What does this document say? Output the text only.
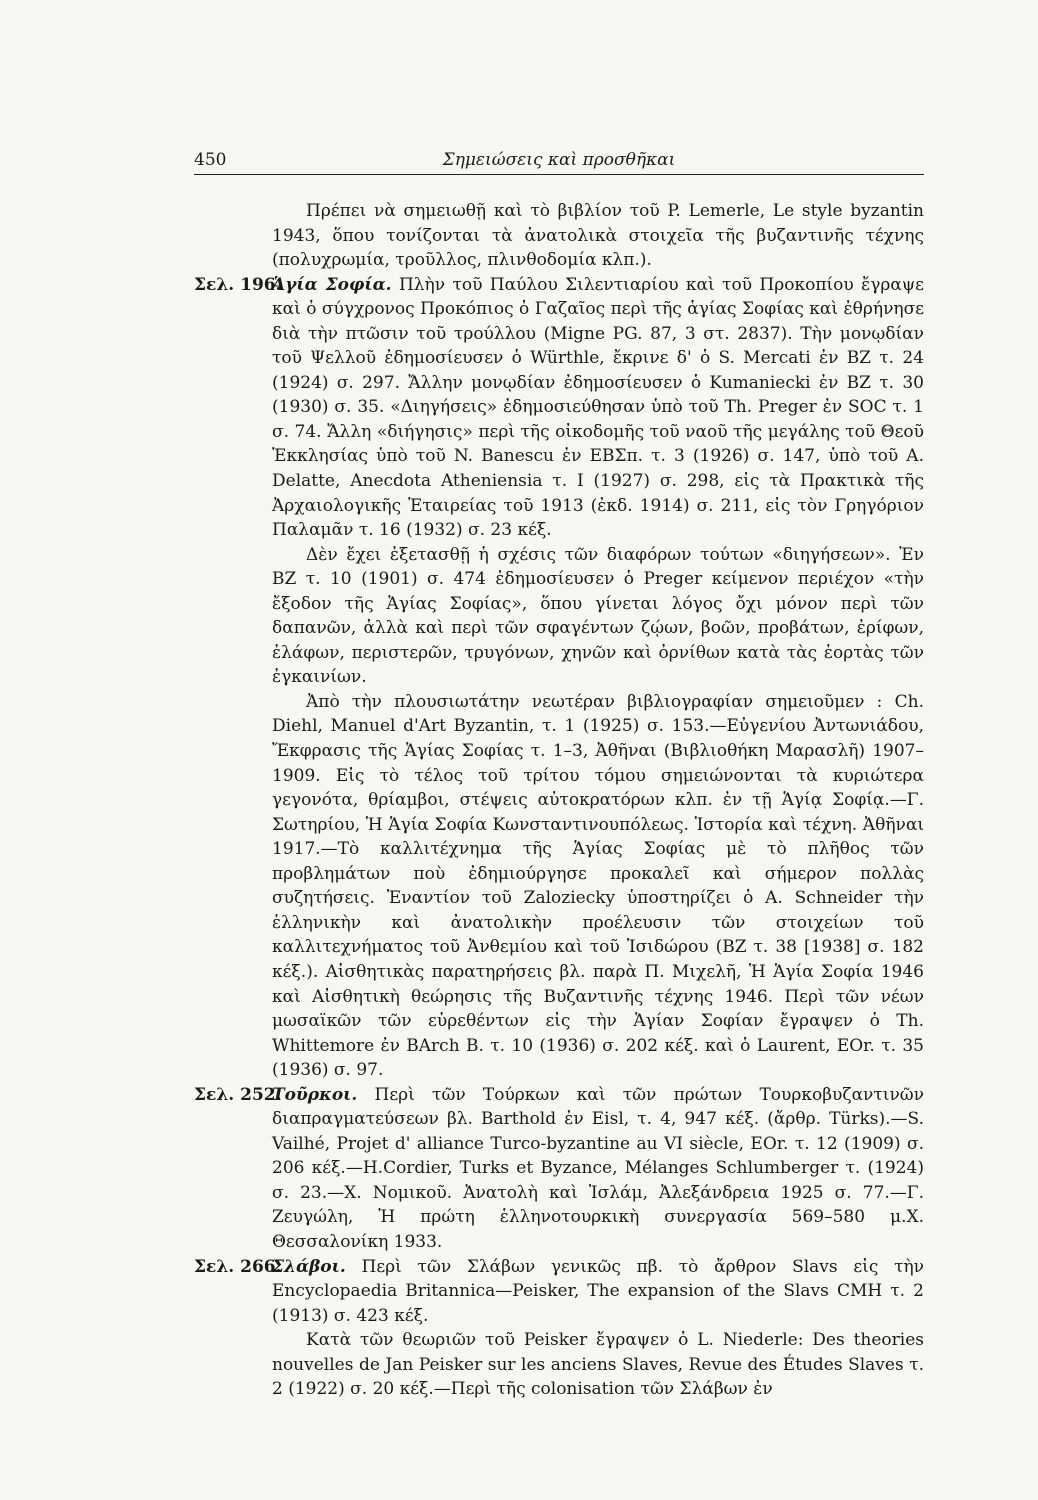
450	Σημειώσεις καὶ προσθῆκαι

Πρέπει νὰ σημειωθῇ καὶ τὸ βιβλίον τοῦ P. Lemerle, Le style byzantin 1943, ὅπου τονίζονται τὰ ἀνατολικὰ στοιχεῖα τῆς βυζαντινῆς τέχνης (πολυχρωμία, τροῦλλος, πλινθοδομία κλπ.).

Σελ. 196.
Ἁγία Σοφία. Πλὴν τοῦ Παύλου Σιλεντιαρίου καὶ τοῦ Προκοπίου ἔγραψε καὶ ὁ σύγχρονος Προκόπιος ὁ Γαζαῖος περὶ τῆς ἁγίας Σοφίας καὶ ἐθρήνησε διὰ τὴν πτῶσιν τοῦ τρούλλου (Migne PG. 87, 3 στ. 2837). Τὴν μονῳδίαν τοῦ Ψελλοῦ ἐδημοσίευσεν ὁ Würthle, ἔκρινε δ' ὁ S. Mercati ἐν BZ τ. 24 (1924) σ. 297. Ἄλλην μονῳδίαν ἐδημοσίευσεν ὁ Kumaniecki ἐν BZ τ. 30 (1930) σ. 35. «Διηγήσεις» ἐδημοσιεύθησαν ὑπὸ τοῦ Th. Preger ἐν SOC τ. 1 σ. 74. Ἄλλη «διήγησις» περὶ τῆς οἰκοδομῆς τοῦ ναοῦ τῆς μεγάλης τοῦ Θεοῦ Ἐκκλησίας ὑπὸ τοῦ N. Banescu ἐν ΕΒΣπ. τ. 3 (1926) σ. 147, ὑπὸ τοῦ A. Delatte, Anecdota Atheniensia τ. I (1927) σ. 298, εἰς τὰ Πρακτικὰ τῆς Ἀρχαιολογικῆς Ἑταιρείας τοῦ 1913 (ἐκδ. 1914) σ. 211, εἰς τὸν Γρηγόριον Παλαμᾶν τ. 16 (1932) σ. 23 κέξ.

Δὲν ἔχει ἐξετασθῇ ἡ σχέσις τῶν διαφόρων τούτων «διηγήσεων». Ἐν BZ τ. 10 (1901) σ. 474 ἐδημοσίευσεν ὁ Preger κείμενον περιέχον «τὴν ἔξοδον τῆς Ἁγίας Σοφίας», ὅπου γίνεται λόγος ὄχι μόνον περὶ τῶν δαπανῶν, ἀλλὰ καὶ περὶ τῶν σφαγέντων ζῴων, βοῶν, προβάτων, ἐρίφων, ἐλάφων, περιστερῶν, τρυγόνων, χηνῶν καὶ ὀρνίθων κατὰ τὰς ἑορτὰς τῶν ἐγκαινίων.

Ἀπὸ τὴν πλουσιωτάτην νεωτέραν βιβλιογραφίαν σημειοῦμεν : Ch. Diehl, Manuel d'Art Byzantin, τ. 1 (1925) σ. 153.—Εὐγενίου Ἀντωνιάδου, Ἔκφρασις τῆς Ἁγίας Σοφίας τ. 1–3, Ἀθῆναι (Βιβλιοθήκη Μαρασλῆ) 1907–1909. Εἰς τὸ τέλος τοῦ τρίτου τόμου σημειώνονται τὰ κυριώτερα γεγονότα, θρίαμβοι, στέψεις αὐτοκρατόρων κλπ. ἐν τῇ Ἁγίᾳ Σοφίᾳ.—Γ. Σωτηρίου, Ἡ Ἁγία Σοφία Κωνσταντινουπόλεως. Ἱστορία καὶ τέχνη. Ἀθῆναι 1917.—Τὸ καλλιτέχνημα τῆς Ἁγίας Σοφίας μὲ τὸ πλῆθος τῶν προβλημάτων ποὺ ἐδημιούργησε προκαλεῖ καὶ σήμερον πολλὰς συζητήσεις. Ἐναντίον τοῦ Zaloziecky ὑποστηρίζει ὁ A. Schneider τὴν ἑλληνικὴν καὶ ἀνατολικὴν προέλευσιν τῶν στοιχείων τοῦ καλλιτεχνήματος τοῦ Ἀνθεμίου καὶ τοῦ Ἰσιδώρου (BZ τ. 38 [1938] σ. 182 κέξ.). Αἰσθητικὰς παρατηρήσεις βλ. παρὰ Π. Μιχελῆ, Ἡ Ἁγία Σοφία 1946 καὶ Αἰσθητικὴ θεώρησις τῆς Βυζαντινῆς τέχνης 1946. Περὶ τῶν νέων μωσαϊκῶν τῶν εὑρεθέντων εἰς τὴν Ἁγίαν Σοφίαν ἔγραψεν ὁ Th. Whittemore ἐν BArch B. τ. 10 (1936) σ. 202 κέξ. καὶ ὁ Laurent, EOr. τ. 35 (1936) σ. 97.

Σελ. 252.
Τοῦρκοι. Περὶ τῶν Τούρκων καὶ τῶν πρώτων Τουρκοβυζαντινῶν διαπραγματεύσεων βλ. Barthold ἐν Eisl, τ. 4, 947 κέξ. (ἄρθρ. Türks).—S. Vailhé, Projet d' alliance Turco-byzantine au VI siècle, EOr. τ. 12 (1909) σ. 206 κέξ.—H.Cordier, Turks et Byzance, Mélanges Schlumberger τ. (1924) σ. 23.—Χ. Νομικοῦ. Ἀνατολὴ καὶ Ἰσλάμ, Ἀλεξάνδρεια 1925 σ. 77.—Γ. Ζευγώλη, Ἡ πρώτη ἑλληνοτουρκικὴ συνεργασία 569–580 μ.Χ. Θεσσαλονίκη 1933.
Σελ. 266.
Σλάβοι. Περὶ τῶν Σλάβων γενικῶς πβ. τὸ ἄρθρον Slavs εἰς τὴν Encyclopaedia Britannica—Peisker, The expansion of the Slavs CMH τ. 2 (1913) σ. 423 κέξ.

Κατὰ τῶν θεωριῶν τοῦ Peisker ἔγραψεν ὁ L. Niederle: Des theories nouvelles de Jan Peisker sur les anciens Slaves, Revue des Études Slaves τ. 2 (1922) σ. 20 κέξ.—Περὶ τῆς colonisation τῶν Σλάβων ἐν
